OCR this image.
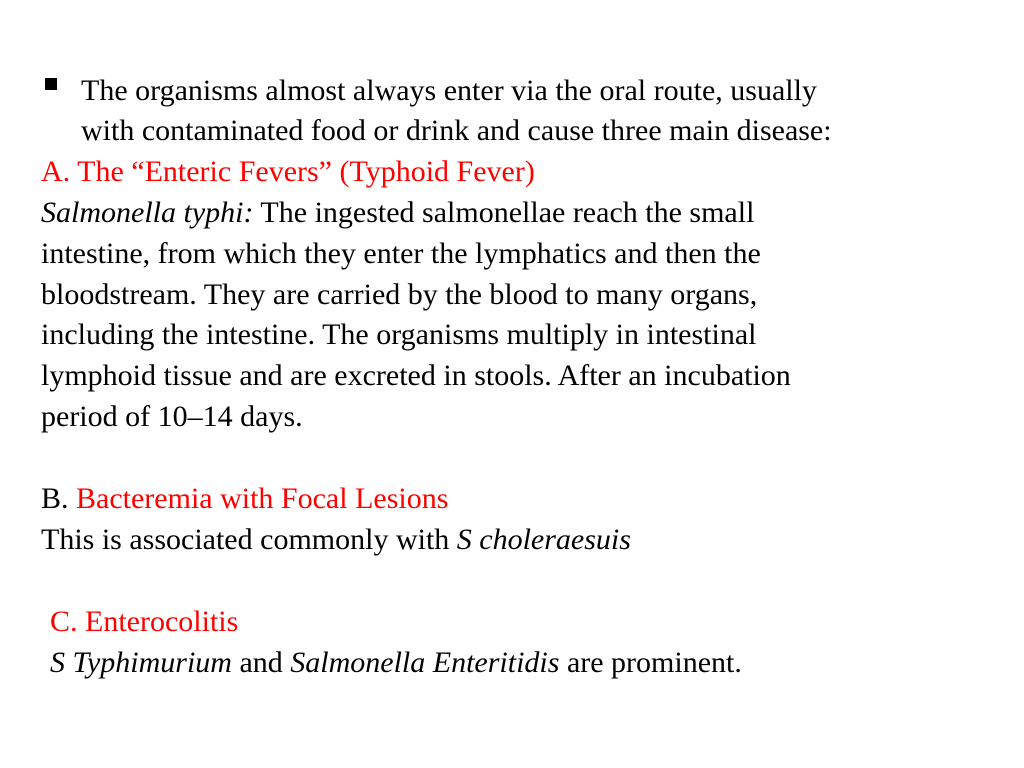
The organisms almost always enter via the oral route, usually
with contaminated food or drink and cause three main disease:
A. The “Enteric Fevers” (Typhoid Fever)
Salmonella typhi: The ingested salmonellae reach the small
intestine, from which they enter the lymphatics and then the
bloodstream. They are carried by the blood to many organs,
including the intestine. The organisms multiply in intestinal
lymphoid tissue and are excreted in stools. After an incubation
period of 10–14 days.
B. Bacteremia with Focal Lesions
This is associated commonly with S choleraesuis
C. Enterocolitis
S Typhimurium and Salmonella Enteritidis are prominent.
